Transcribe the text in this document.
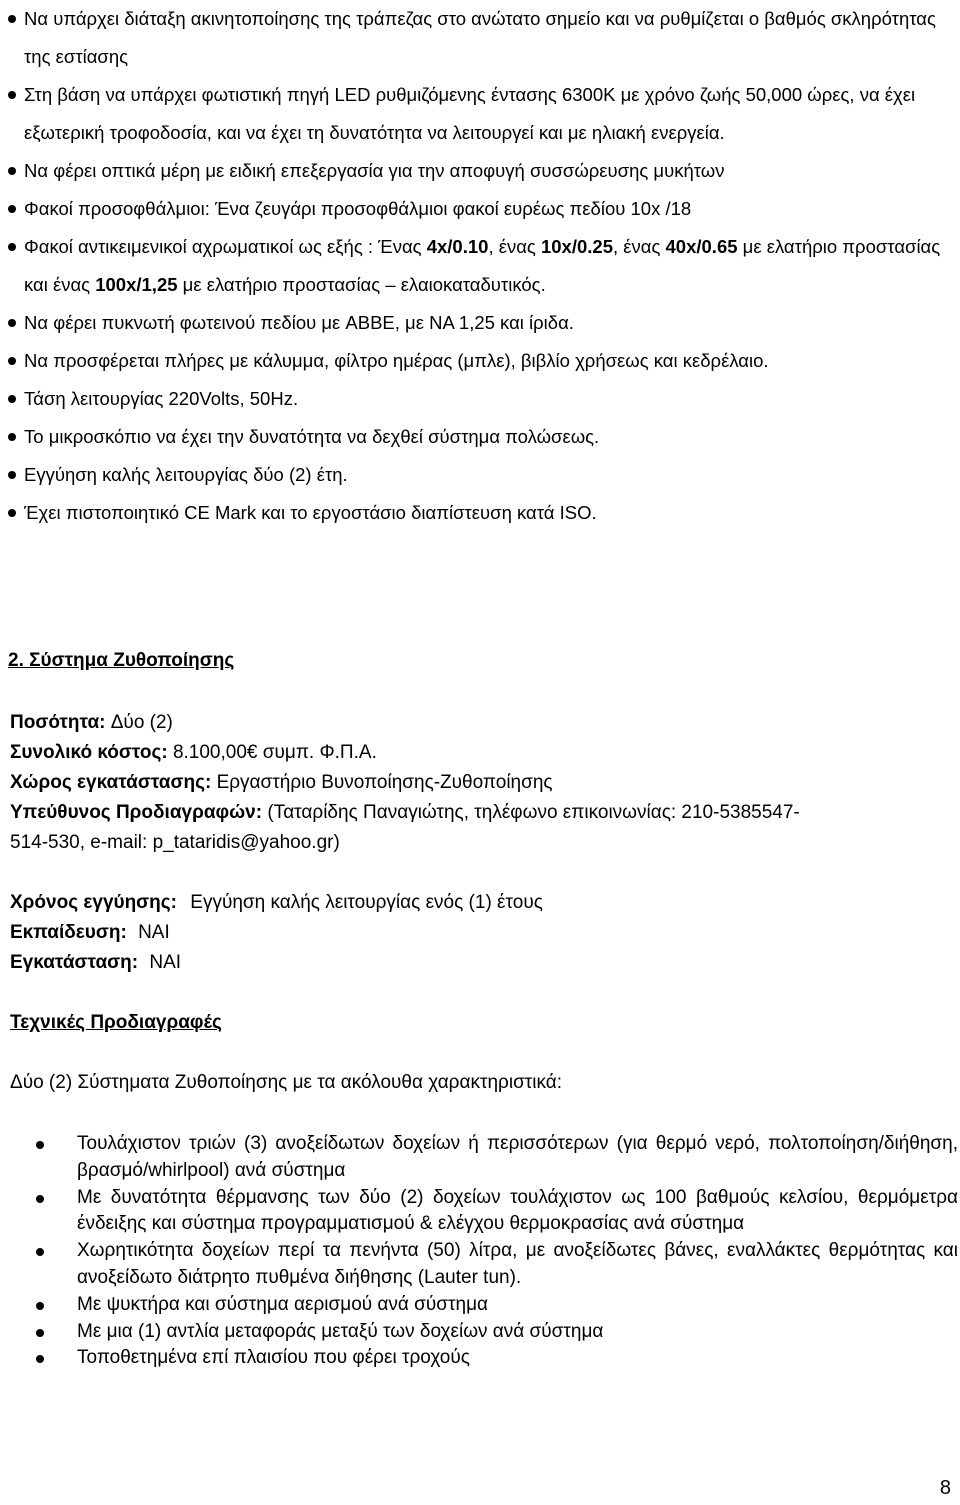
Να υπάρχει διάταξη ακινητοποίησης της τράπεζας στο ανώτατο σημείο και να ρυθμίζεται ο βαθμός σκληρότητας της εστίασης
Στη βάση να υπάρχει φωτιστική πηγή LED ρυθμιζόμενης έντασης 6300K με χρόνο ζωής 50,000 ώρες, να έχει εξωτερική τροφοδοσία, και να έχει τη δυνατότητα να λειτουργεί και με ηλιακή ενεργεία.
Να φέρει οπτικά μέρη με ειδική επεξεργασία για την αποφυγή συσσώρευσης μυκήτων
Φακοί προσοφθάλμιοι: Ένα ζευγάρι προσοφθάλμιοι φακοί ευρέως πεδίου 10x /18
Φακοί αντικειμενικοί αχρωματικοί ως εξής : Ένας 4x/0.10, ένας 10x/0.25, ένας 40x/0.65 με ελατήριο προστασίας και ένας 100x/1,25 με ελατήριο προστασίας – ελαιοκαταδυτικός.
Να φέρει πυκνωτή φωτεινού πεδίου με ABBE, με ΝΑ 1,25 και ίριδα.
Να προσφέρεται πλήρες με κάλυμμα, φίλτρο ημέρας (μπλε), βιβλίο χρήσεως και κεδρέλαιο.
Τάση λειτουργίας 220Volts, 50Hz.
Το μικροσκόπιο να έχει την δυνατότητα να δεχθεί σύστημα πολώσεως.
Εγγύηση καλής λειτουργίας δύο (2) έτη.
Έχει πιστοποιητικό CE Mark και το εργοστάσιο διαπίστευση κατά ISO.
2. Σύστημα Ζυθοποίησης
Ποσότητα: Δύο (2)
Συνολικό κόστος: 8.100,00€ συμπ. Φ.Π.Α.
Χώρος εγκατάστασης: Εργαστήριο Βυνοποίησης-Ζυθοποίησης
Υπεύθυνος Προδιαγραφών: (Ταταρίδης Παναγιώτης, τηλέφωνο επικοινωνίας: 210-5385547-
514-530, e-mail: p_tataridis@yahoo.gr)
Χρόνος εγγύησης: Εγγύηση καλής λειτουργίας ενός (1) έτους
Εκπαίδευση: ΝΑΙ
Εγκατάσταση: ΝΑΙ
Τεχνικές Προδιαγραφές
Δύο (2) Σύστηματα Ζυθοποίησης με τα ακόλουθα χαρακτηριστικά:
Τουλάχιστον τριών (3) ανοξείδωτων δοχείων ή περισσότερων (για θερμό νερό, πολτοποίηση/διήθηση, βρασμό/whirlpool) ανά σύστημα
Με δυνατότητα θέρμανσης των δύο (2) δοχείων τουλάχιστον ως 100 βαθμούς κελσίου, θερμόμετρα ένδειξης και σύστημα προγραμματισμού & ελέγχου θερμοκρασίας ανά σύστημα
Χωρητικότητα δοχείων περί τα πενήντα (50) λίτρα, με ανοξείδωτες βάνες, εναλλάκτες θερμότητας και ανοξείδωτο διάτρητο πυθμένα διήθησης (Lauter tun).
Με ψυκτήρα και σύστημα αερισμού ανά σύστημα
Με μια (1) αντλία μεταφοράς μεταξύ των δοχείων ανά σύστημα
Τοποθετημένα επί πλαισίου που φέρει τροχούς
8
